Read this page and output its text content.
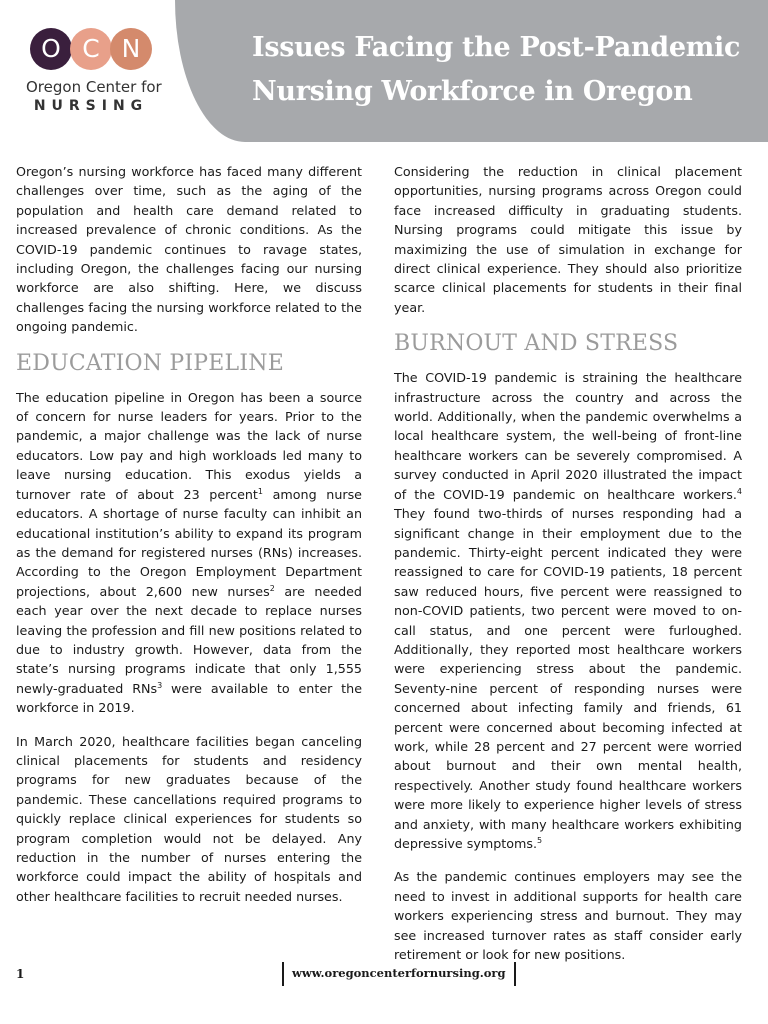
O C N
Oregon Center for
NURSING
Issues Facing the Post-Pandemic
Nursing Workforce in Oregon

Oregon’s nursing workforce has faced many different challenges over time, such as the aging of the population and health care demand related to increased prevalence of chronic conditions. As the COVID-19 pandemic continues to ravage states, including Oregon, the challenges facing our nursing workforce are also shifting. Here, we discuss challenges facing the nursing workforce related to the ongoing pandemic.

EDUCATION PIPELINE

The education pipeline in Oregon has been a source of concern for nurse leaders for years. Prior to the pandemic, a major challenge was the lack of nurse educators. Low pay and high workloads led many to leave nursing education. This exodus yields a turnover rate of about 23 percent$^1$ among nurse educators. A shortage of nurse faculty can inhibit an educational institution’s ability to expand its program as the demand for registered nurses (RNs) increases. According to the Oregon Employment Department projections, about 2,600 new nurses$^2$ are needed each year over the next decade to replace nurses leaving the profession and fill new positions related to due to industry growth. However, data from the state’s nursing programs indicate that only 1,555 newly-graduated RNs$^3$ were available to enter the workforce in 2019.

In March 2020, healthcare facilities began canceling clinical placements for students and residency programs for new graduates because of the pandemic. These cancellations required programs to quickly replace clinical experiences for students so program completion would not be delayed. Any reduction in the number of nurses entering the workforce could impact the ability of hospitals and other healthcare facilities to recruit needed nurses.

Considering the reduction in clinical placement opportunities, nursing programs across Oregon could face increased difficulty in graduating students. Nursing programs could mitigate this issue by maximizing the use of simulation in exchange for direct clinical experience. They should also prioritize scarce clinical placements for students in their final year.

BURNOUT AND STRESS

The COVID-19 pandemic is straining the healthcare infrastructure across the country and across the world. Additionally, when the pandemic overwhelms a local healthcare system, the well-being of front-line healthcare workers can be severely compromised. A survey conducted in April 2020 illustrated the impact of the COVID-19 pandemic on healthcare workers.$^4$ They found two-thirds of nurses responding had a significant change in their employment due to the pandemic. Thirty-eight percent indicated they were reassigned to care for COVID-19 patients, 18 percent saw reduced hours, five percent were reassigned to non-COVID patients, two percent were moved to on-call status, and one percent were furloughed. Additionally, they reported most healthcare workers were experiencing stress about the pandemic. Seventy-nine percent of responding nurses were concerned about infecting family and friends, 61 percent were concerned about becoming infected at work, while 28 percent and 27 percent were worried about burnout and their own mental health, respectively. Another study found healthcare workers were more likely to experience higher levels of stress and anxiety, with many healthcare workers exhibiting depressive symptoms.$^5$

As the pandemic continues employers may see the need to invest in additional supports for health care workers experiencing stress and burnout. They may see increased turnover rates as staff consider early retirement or look for new positions.

1	www.oregoncenterfornursing.org
